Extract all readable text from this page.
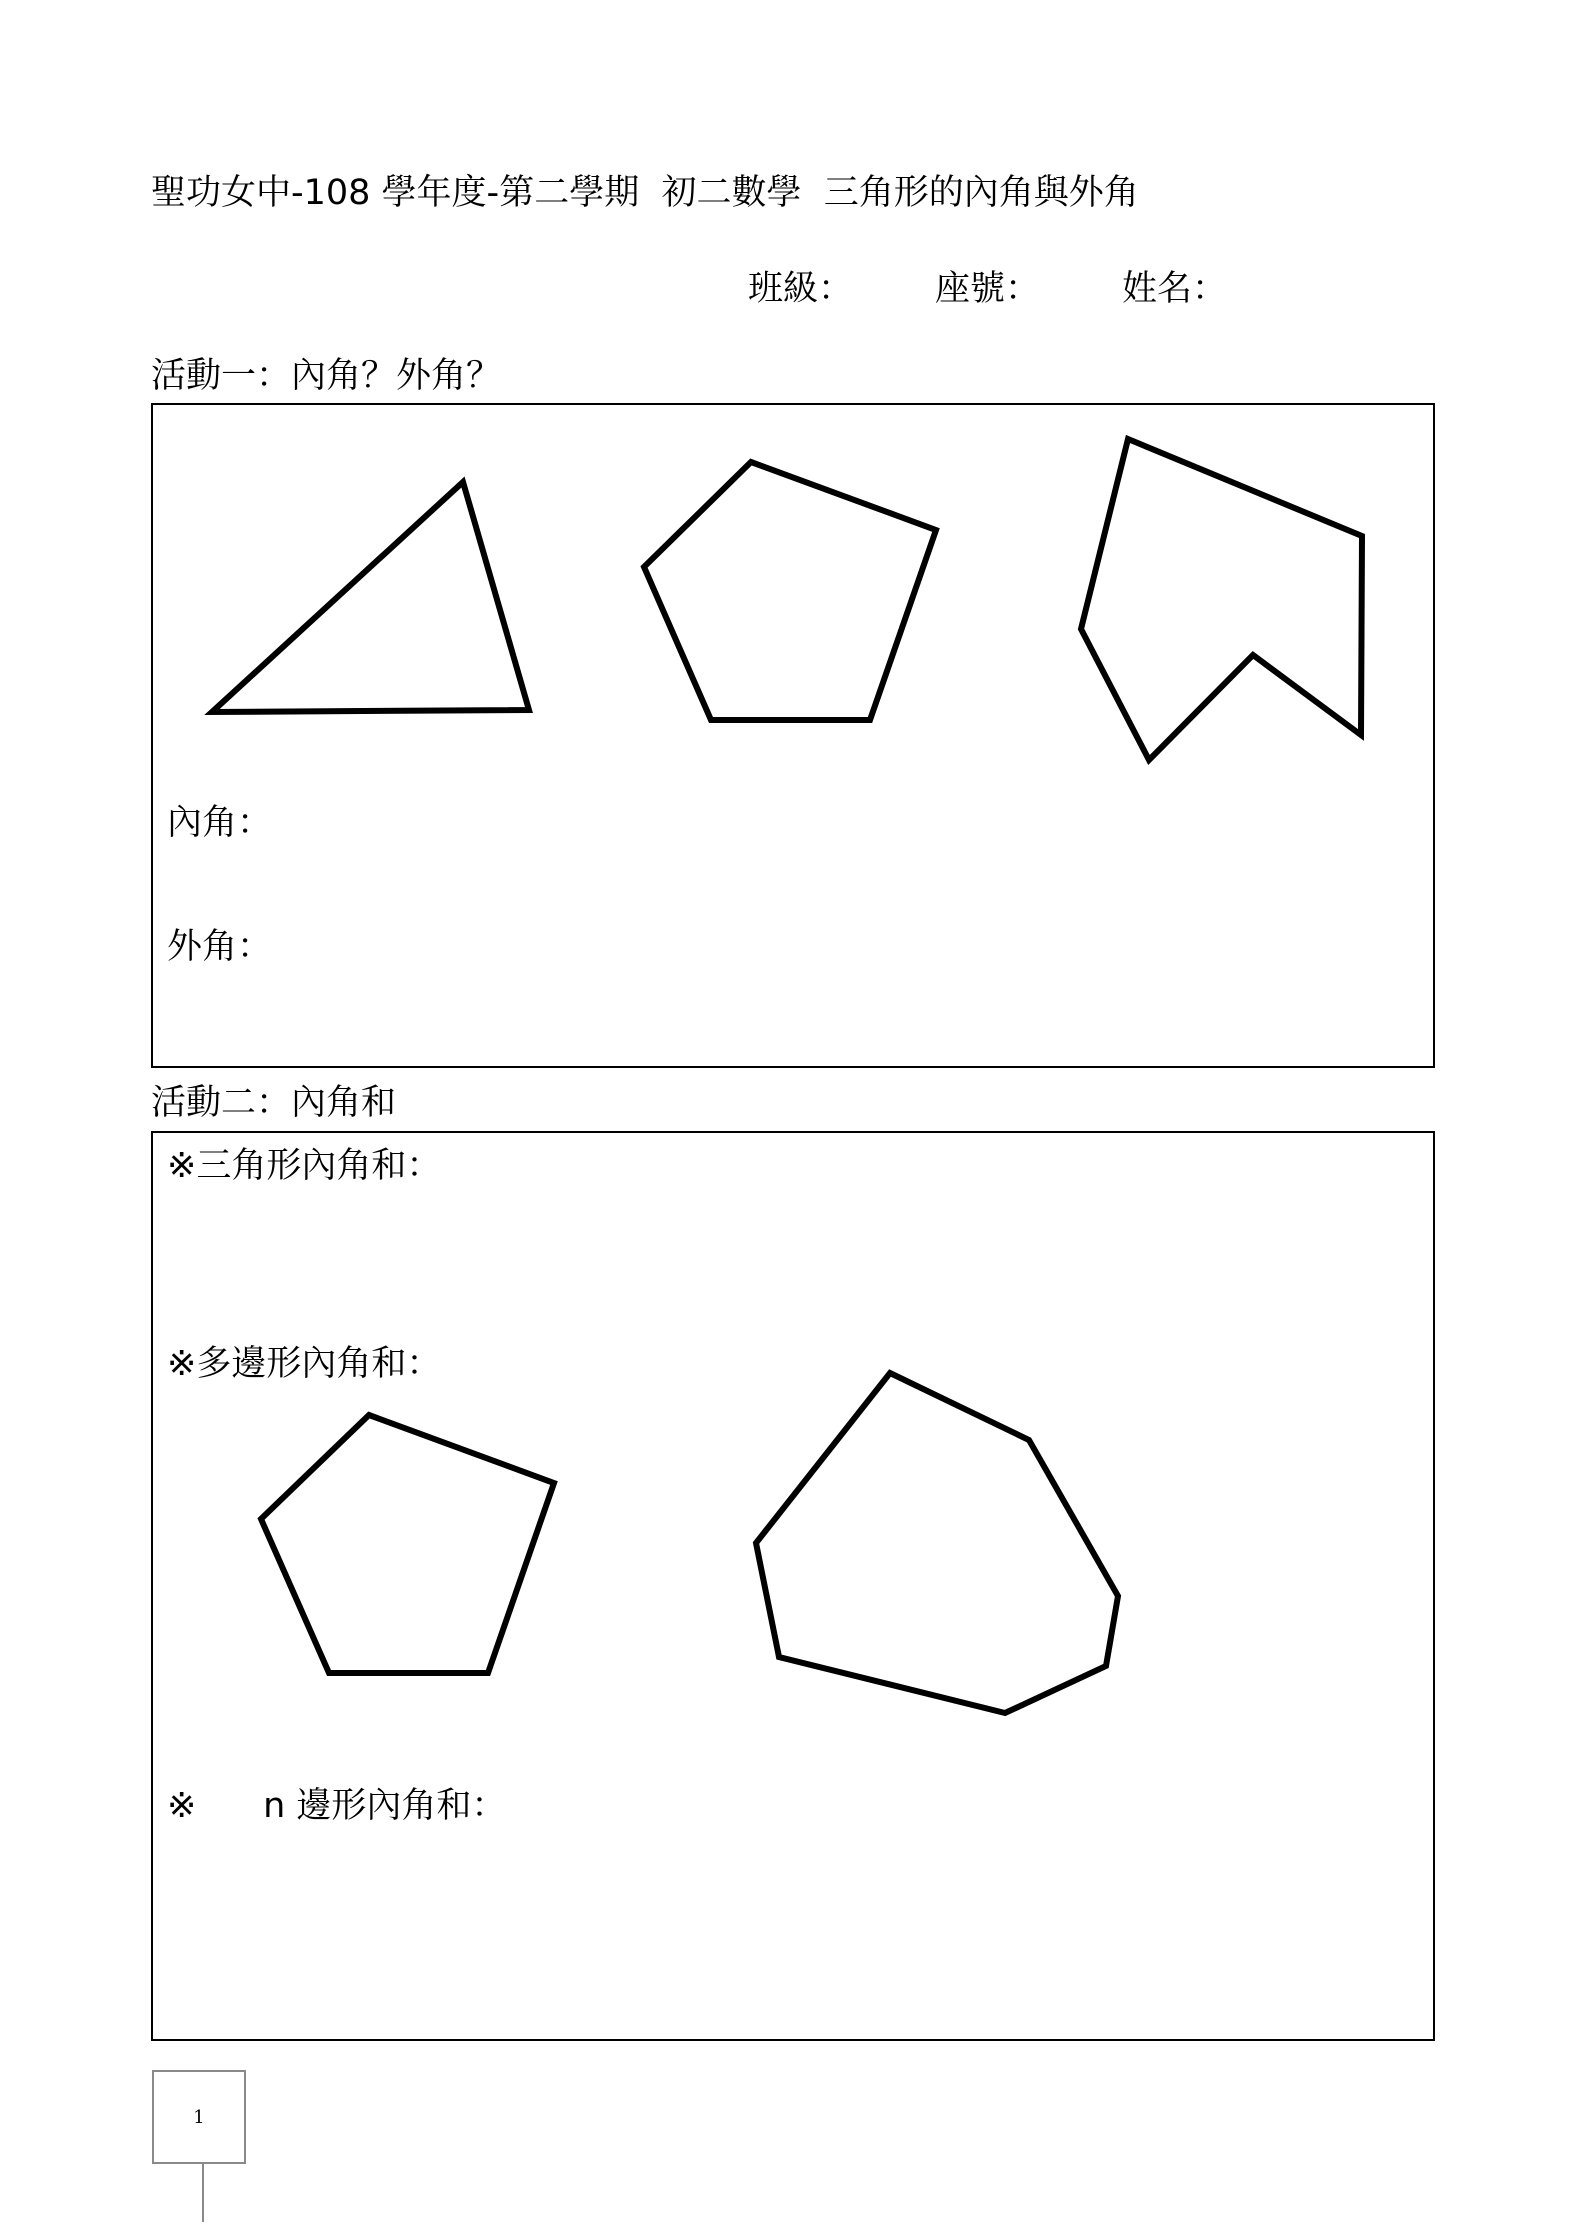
聖功女中-108 學年度-第二學期  初二數學  三角形的內角與外角
班級： 座號： 姓名：
活動一：內角？外角？
內角：
外角：
活動二：內角和
※三角形內角和：
※多邊形內角和：
※      n 邊形內角和：
1
